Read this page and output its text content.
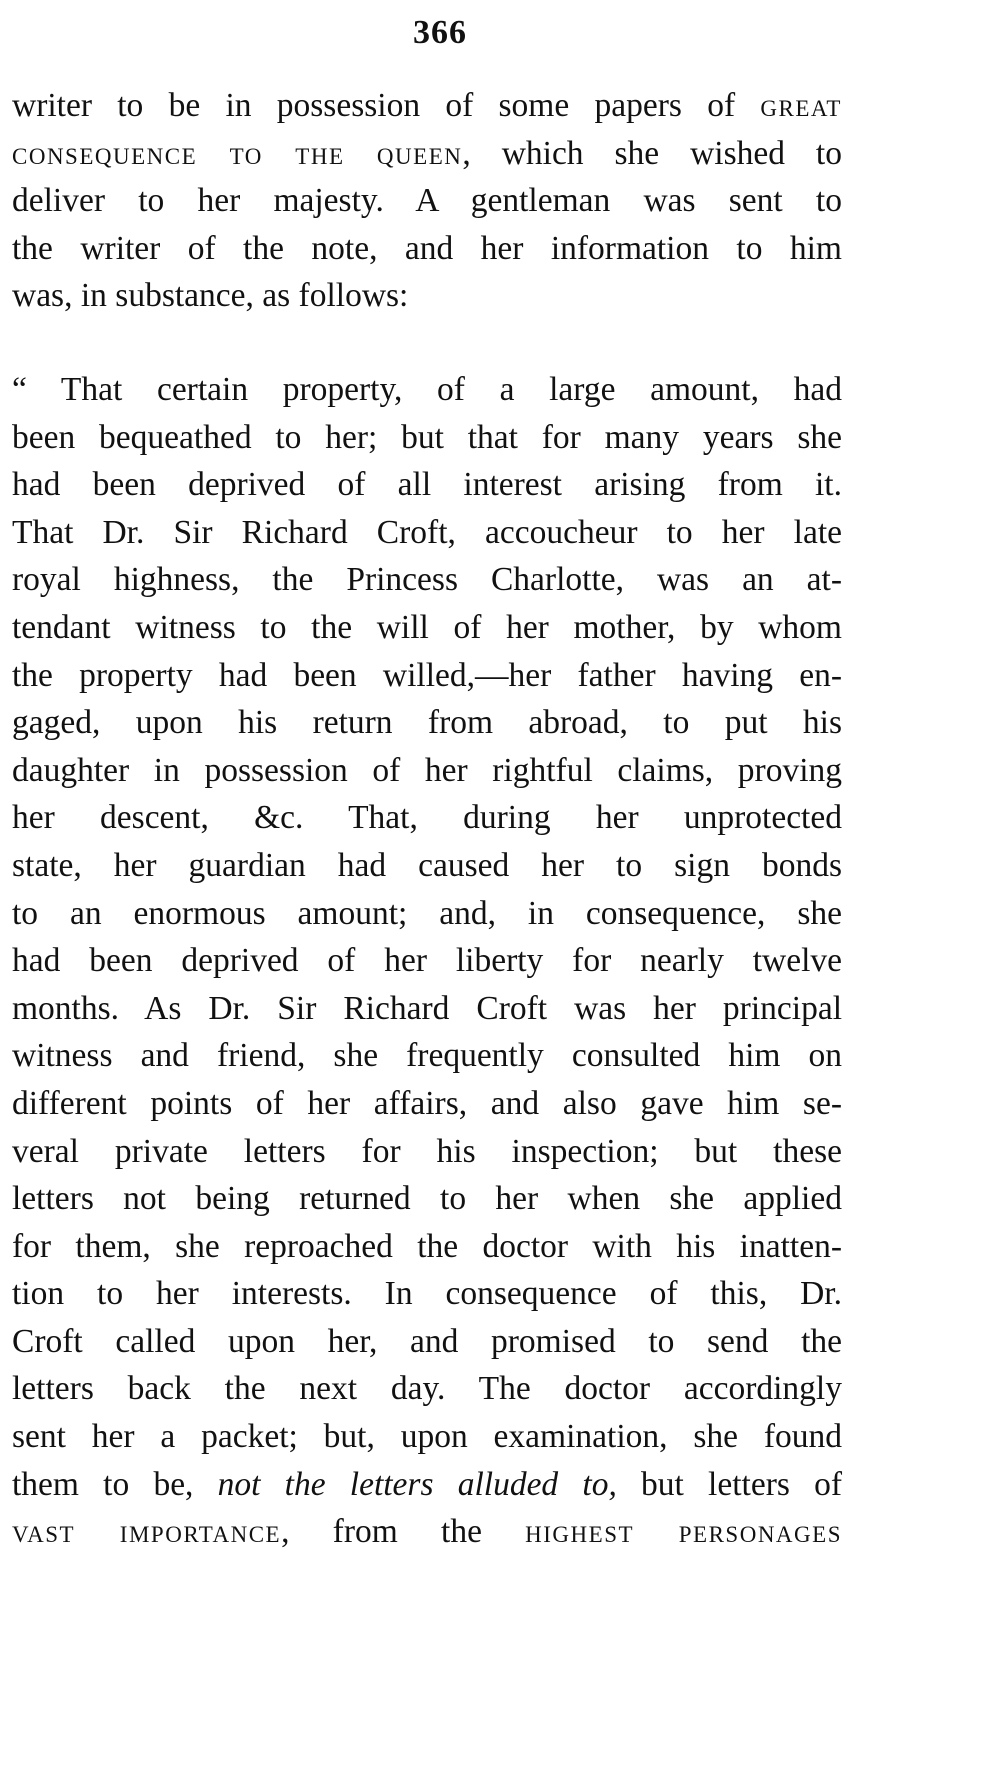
366
writer to be in possession of some papers of great
consequence to the queen, which she wished to
deliver to her majesty. A gentleman was sent to
the writer of the note, and her information to him
was, in substance, as follows:
“ That certain property, of a large amount, had
been bequeathed to her; but that for many years she
had been deprived of all interest arising from it.
That Dr. Sir Richard Croft, accoucheur to her late
royal highness, the Princess Charlotte, was an at-
tendant witness to the will of her mother, by whom
the property had been willed,—her father having en-
gaged, upon his return from abroad, to put his
daughter in possession of her rightful claims, proving
her descent, &c. That, during her unprotected
state, her guardian had caused her to sign bonds
to an enormous amount; and, in consequence, she
had been deprived of her liberty for nearly twelve
months. As Dr. Sir Richard Croft was her principal
witness and friend, she frequently consulted him on
different points of her affairs, and also gave him se-
veral private letters for his inspection; but these
letters not being returned to her when she applied
for them, she reproached the doctor with his inatten-
tion to her interests. In consequence of this, Dr.
Croft called upon her, and promised to send the
letters back the next day. The doctor accordingly
sent her a packet; but, upon examination, she found
them to be, not the letters alluded to, but letters of
vast importance, from the highest personages
